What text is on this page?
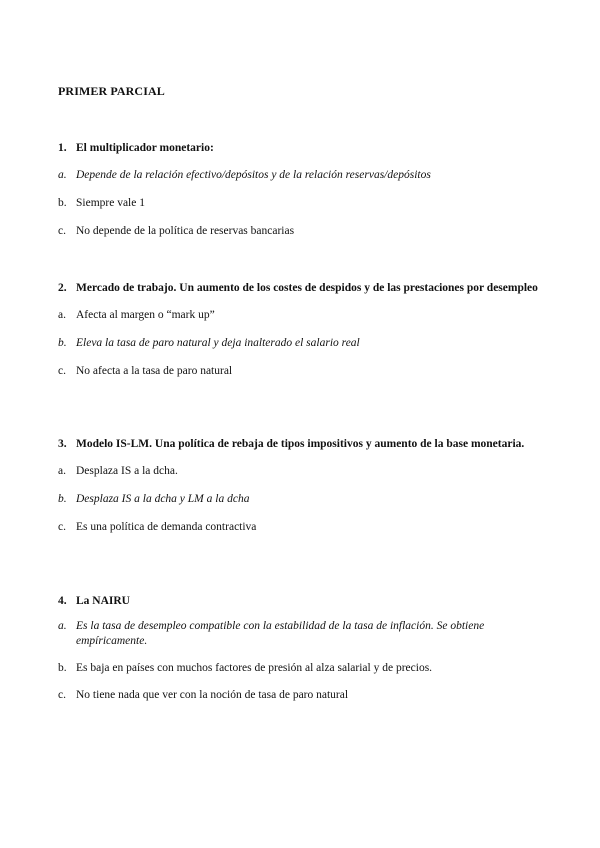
PRIMER PARCIAL
1. El multiplicador monetario:
a. Depende de la relación efectivo/depósitos y de la relación reservas/depósitos
b. Siempre vale 1
c. No depende de la política de reservas bancarias
2. Mercado de trabajo. Un aumento de los costes de despidos y de las prestaciones por desempleo
a. Afecta al margen o “mark up”
b. Eleva la tasa de paro natural y deja inalterado el salario real
c. No afecta a la tasa de paro natural
3. Modelo IS-LM. Una política de rebaja de tipos impositivos y aumento de la base monetaria.
a. Desplaza IS a la dcha.
b. Desplaza IS a la dcha y LM a la dcha
c. Es una política de demanda contractiva
4. La NAIRU
a. Es la tasa de desempleo compatible con la estabilidad de la tasa de inflación. Se obtiene empíricamente.
b. Es baja en países con muchos factores de presión al alza salarial y de precios.
c. No tiene nada que ver con la noción de tasa de paro natural
